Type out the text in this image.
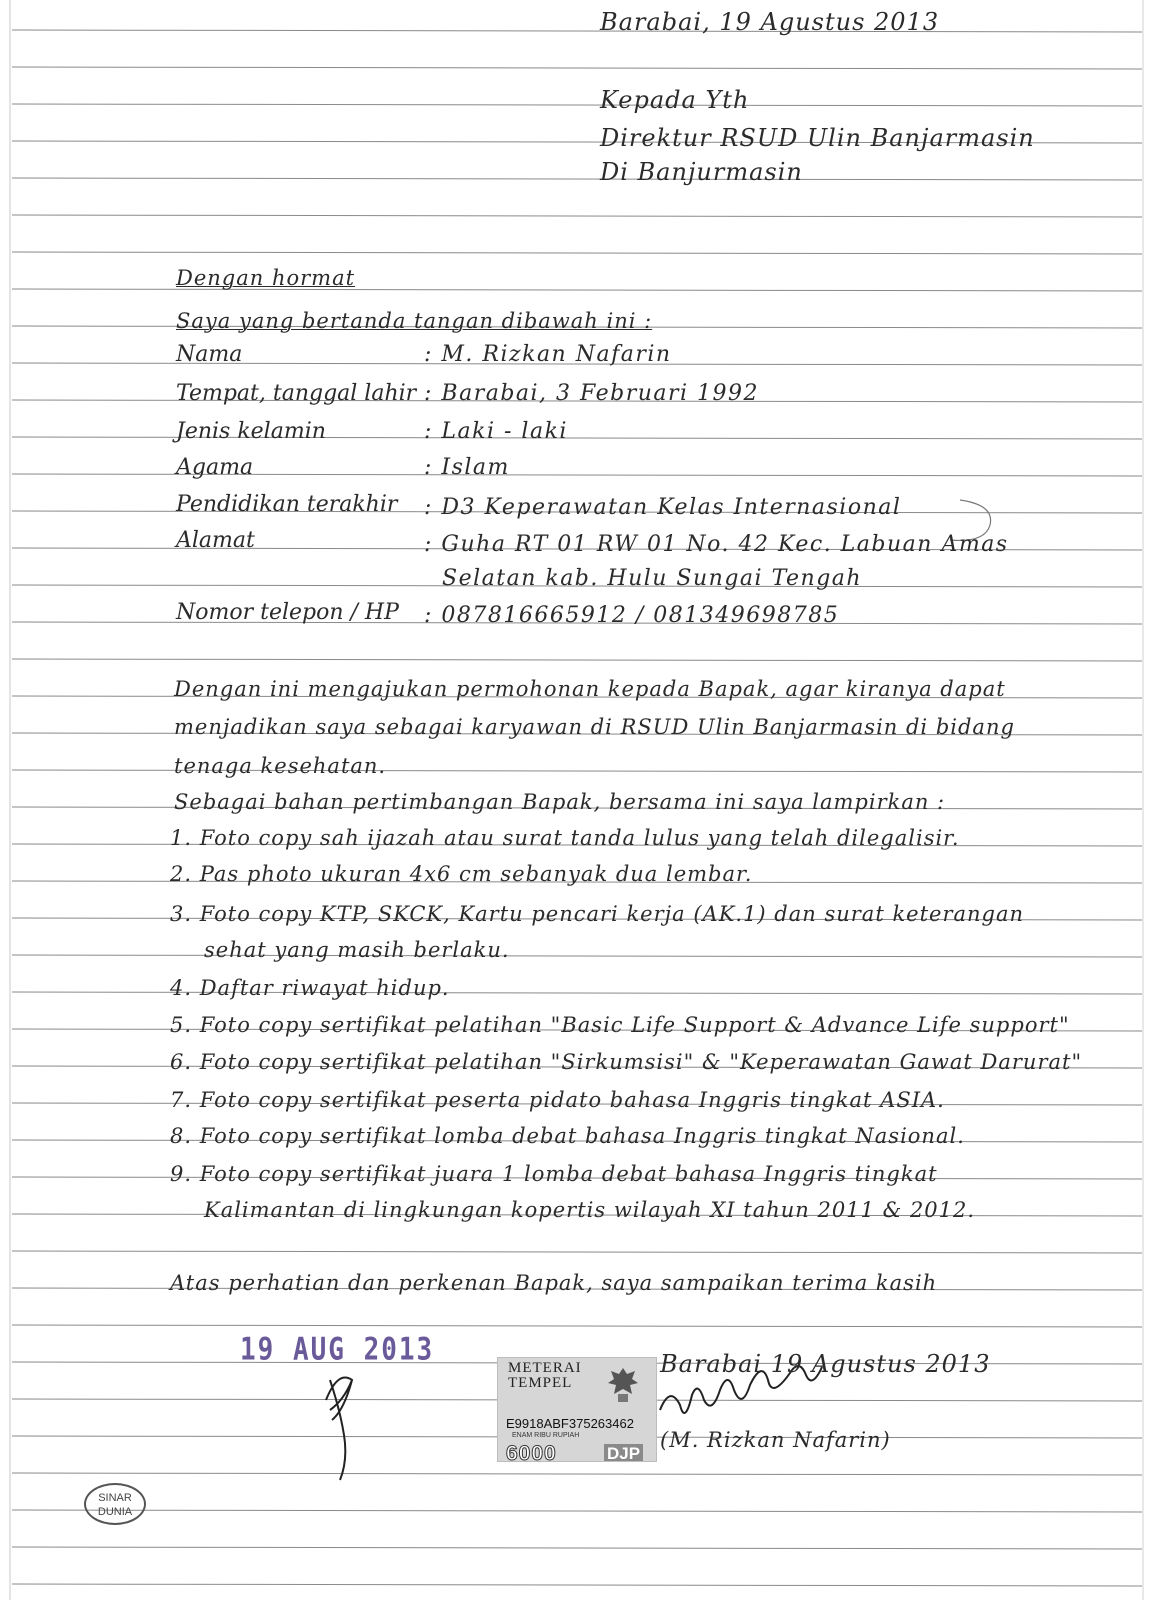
Barabai, 19 Agustus 2013
Kepada Yth
Direktur RSUD Ulin Banjarmasin
Di Banjurmasin
Dengan hormat
Saya yang bertanda tangan dibawah ini :
Nama	: M. Rizkan Nafarin
Tempat, tanggal lahir : Barabai, 3 Februari 1992
Jenis kelamin	: Laki - laki
Agama	: Islam
Pendidikan terakhir : D3 Keperawatan Kelas Internasional
Alamat	: Guha RT 01 RW 01 No. 42 Kec. Labuan Amas
Selatan kab. Hulu Sungai Tengah
Nomor telepon / HP : 087816665912 / 081349698785
Dengan ini mengajukan permohonan kepada Bapak, agar kiranya dapat
menjadikan saya sebagai karyawan di RSUD Ulin Banjarmasin di bidang
tenaga kesehatan.
Sebagai bahan pertimbangan Bapak, bersama ini saya lampirkan :
1. Foto copy sah ijazah atau surat tanda lulus yang telah dilegalisir.
2. Pas photo ukuran 4x6 cm sebanyak dua lembar.
3. Foto copy KTP, SKCK, Kartu pencari kerja (AK.1) dan surat keterangan
sehat yang masih berlaku.
4. Daftar riwayat hidup.
5. Foto copy sertifikat pelatihan "Basic Life Support & Advance Life support"
6. Foto copy sertifikat pelatihan "Sirkumsisi" & "Keperawatan Gawat Darurat"
7. Foto copy sertifikat peserta pidato bahasa Inggris tingkat ASIA.
8. Foto copy sertifikat lomba debat bahasa Inggris tingkat Nasional.
9. Foto copy sertifikat juara 1 lomba debat bahasa Inggris tingkat
Kalimantan di lingkungan kopertis wilayah XI tahun 2011 & 2012.
Atas perhatian dan perkenan Bapak, saya sampaikan terima kasih
19 AUG 2013	METERAI
TEMPEL
E9918ABF375263462
ENAM RIBU RUPIAH
6000	DJP
Barabai 19 Agustus 2013
(M. Rizkan Nafarin)
SINAR
DUNIA
